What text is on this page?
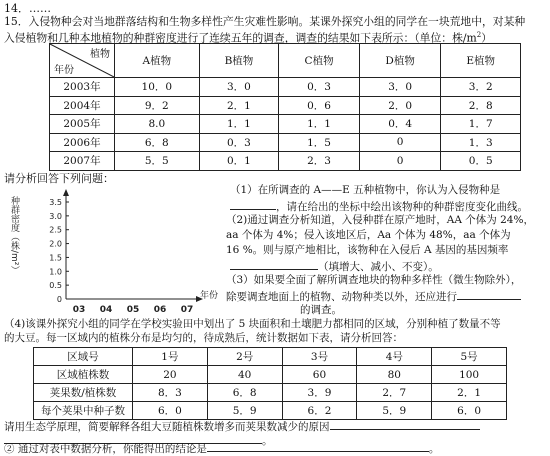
14．……
15．入侵物种会对当地群落结构和生物多样性产生灾难性影响。某课外探究小组的同学在一块荒地中，对某种
入侵植物和几种本地植物的种群密度进行了连续五年的调查，调查的结果如下表所示：（单位：株$/m^2$）
植物
年份	A植物	B植物	C植物	D植物	E植物
2003年	10．0	3．0	0．3	3．0	3．2
2004年	9．2	2．1	0．6	2．0	2．8
2005年	8.0	1．1	1．1	0．4	1．7
2006年	6．8	0．3	1．5	0	1．3
2007年	5．5	0．1	2．3	0	0．5
请分析回答下列问题：
种群密度（株/m²）	3.5
3.0
2.5
2.0
1.5
1.0
0.5
0
03 04 05 06 07
年份
（1）在所调查的 A——E 五种植物中，你认为入侵物种是
，请在给出的坐标中绘出该物种的种群密度变化曲线。
（2)通过调查分析知道，入侵种群在原产地时，AA 个体为 24%，
aa 个体为 4%；侵入该地区后，Aa 个体为 48%，aa 个体为
16 %。则与原产地相比，该物种在入侵后 A 基因的基因频率
（填增大、减小、不变）。
（3）如果要全面了解所调查地块的物种多样性（微生物除外），
除要调查地面上的植物、动物种类以外，还应进行
的调查。
（4)该课外探究小组的同学在学校实验田中划出了 5 块面积和土壤肥力都相同的区域，分别种植了数量不等
的大豆。每一区域内的植株分布是均匀的，待成熟后，统计数据如下表，请分析回答：
区域号	1号	2号	3号	4号	5号
区域植株数	20	40	60	80	100
荚果数/植株数	8．3	6．8	3．9	2．7	2．1
每个荚果中种子数	6．0	5．9	6．2	5．9	6．0
请用生态学原理，简要解释各组大豆随植株数增多而荚果数减少的原因
。
② 通过对表中数据分析，你能得出的结论是	。
